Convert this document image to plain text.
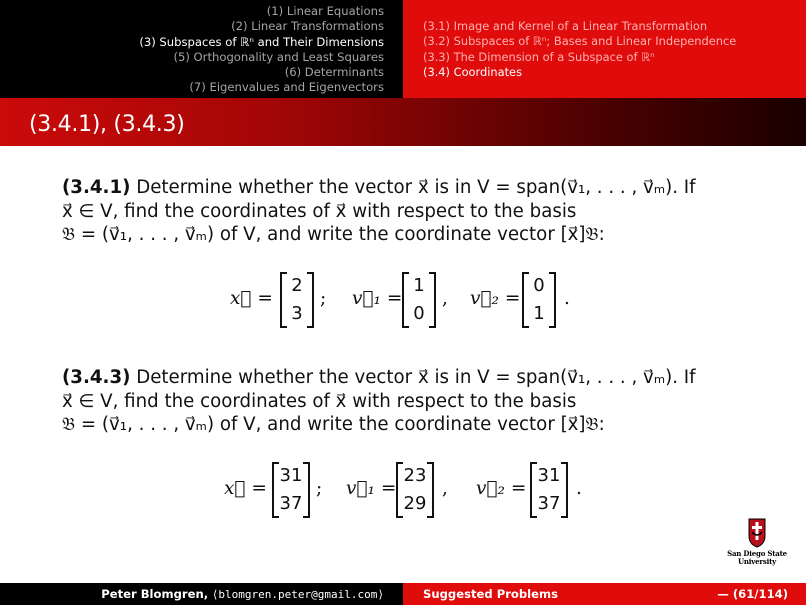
(1) Linear Equations
(2) Linear Transformations
(3) Subspaces of ℝⁿ and Their Dimensions
(5) Orthogonality and Least Squares
(6) Determinants
(7) Eigenvalues and Eigenvectors
(3.1) Image and Kernel of a Linear Transformation
(3.2) Subspaces of ℝⁿ; Bases and Linear Independence
(3.3) The Dimension of a Subspace of ℝⁿ
(3.4) Coordinates
(3.4.1), (3.4.3)
(3.4.1) Determine whether the vector x⃗ is in V = span(v⃗₁, . . . , v⃗ₘ). If
x⃗ ∈ V, find the coordinates of x⃗ with respect to the basis
𝔅 = (v⃗₁, . . . , v⃗ₘ) of V, and write the coordinate vector [x⃗]𝔅:
x⃗ =
2
3
; v⃗₁ =
1
0
, v⃗₂ =
0
1
.
(3.4.3) Determine whether the vector x⃗ is in V = span(v⃗₁, . . . , v⃗ₘ). If
x⃗ ∈ V, find the coordinates of x⃗ with respect to the basis
𝔅 = (v⃗₁, . . . , v⃗ₘ) of V, and write the coordinate vector [x⃗]𝔅:
x⃗ =
31
37
; v⃗₁ =
23
29
, v⃗₂ =
31
37
.
San Diego State
University
Peter Blomgren, ⟨blomgren.peter@gmail.com⟩	Suggested Problems	— (61/114)
